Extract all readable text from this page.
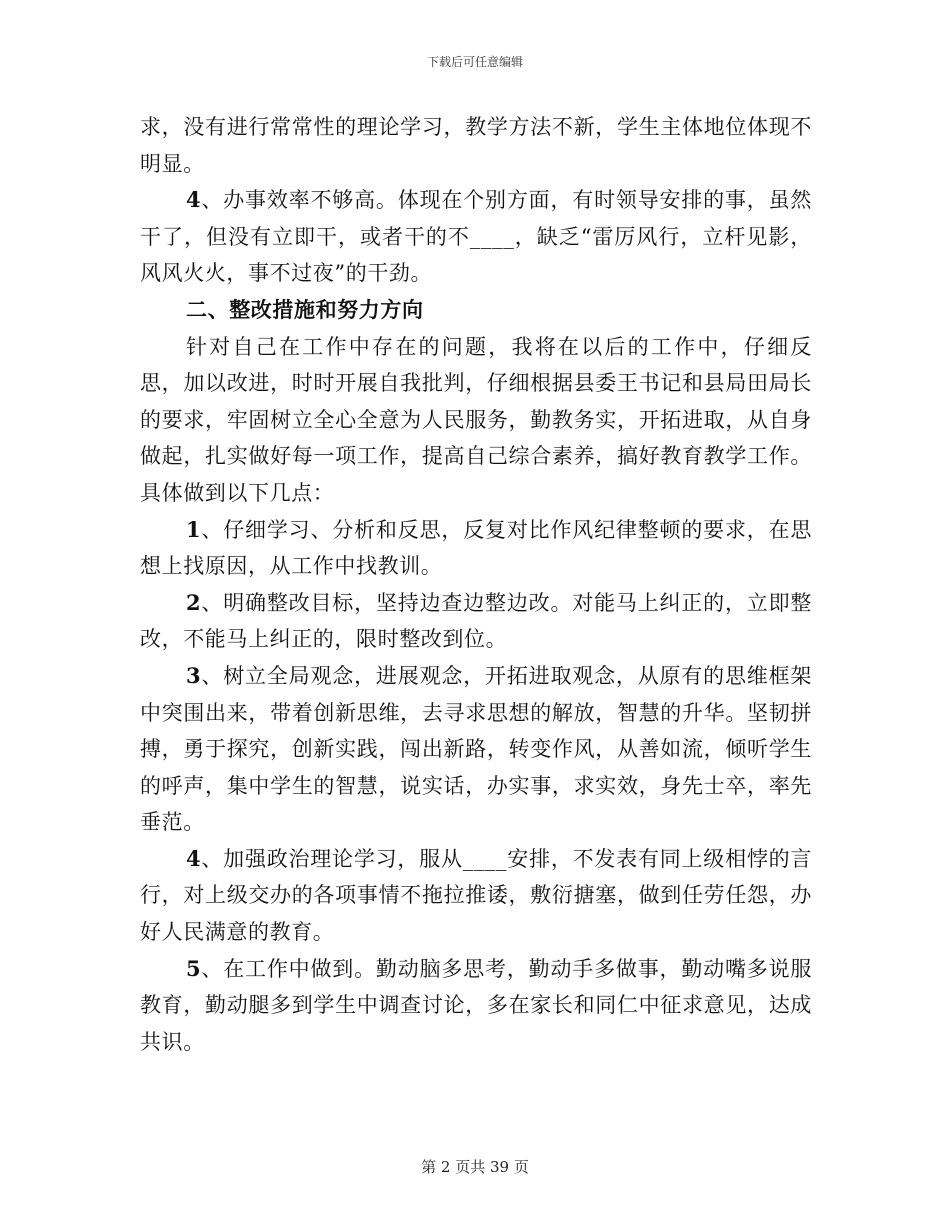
下载后可任意编辑

求，没有进行常常性的理论学习，教学方法不新，学生主体地位体现不明显。

4、办事效率不够高。体现在个别方面，有时领导安排的事，虽然干了，但没有立即干，或者干的不____，缺乏“雷厉风行，立杆见影，风风火火，事不过夜”的干劲。

二、整改措施和努力方向

针对自己在工作中存在的问题，我将在以后的工作中，仔细反思，加以改进，时时开展自我批判，仔细根据县委王书记和县局田局长的要求，牢固树立全心全意为人民服务，勤教务实，开拓进取，从自身做起，扎实做好每一项工作，提高自己综合素养，搞好教育教学工作。具体做到以下几点：

1、仔细学习、分析和反思，反复对比作风纪律整顿的要求，在思想上找原因，从工作中找教训。

2、明确整改目标，坚持边查边整边改。对能马上纠正的，立即整改，不能马上纠正的，限时整改到位。

3、树立全局观念，进展观念，开拓进取观念，从原有的思维框架中突围出来，带着创新思维，去寻求思想的解放，智慧的升华。坚韧拼搏，勇于探究，创新实践，闯出新路，转变作风，从善如流，倾听学生的呼声，集中学生的智慧，说实话，办实事，求实效，身先士卒，率先垂范。

4、加强政治理论学习，服从____安排，不发表有同上级相悖的言行，对上级交办的各项事情不拖拉推诿，敷衍搪塞，做到任劳任怨，办好人民满意的教育。

5、在工作中做到。勤动脑多思考，勤动手多做事，勤动嘴多说服教育，勤动腿多到学生中调查讨论，多在家长和同仁中征求意见，达成共识。

第 2 页共 39 页
